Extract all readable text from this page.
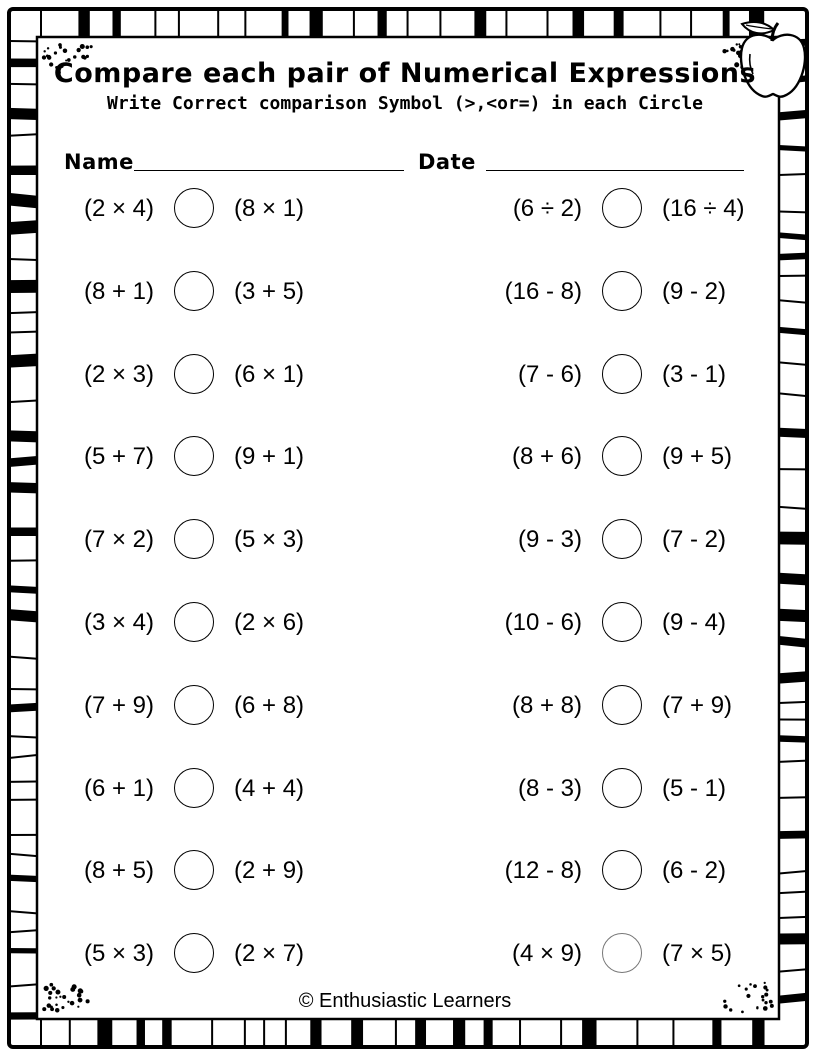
Compare each pair of Numerical Expressions
Write Correct comparison Symbol (>,<or=) in each Circle
Name	Date
(2 × 4)	(8 × 1)
(8 + 1)	(3 + 5)
(2 × 3)	(6 × 1)
(5 + 7)	(9 + 1)
(7 × 2)	(5 × 3)
(3 × 4)	(2 × 6)
(7 + 9)	(6 + 8)
(6 + 1)	(4 + 4)
(8 + 5)	(2 + 9)
(5 × 3)	(2 × 7)
(6 ÷ 2)	(16 ÷ 4)
(16 - 8)	(9 - 2)
(7 - 6)	(3 - 1)
(8 + 6)	(9 + 5)
(9 - 3)	(7 - 2)
(10 - 6)	(9 - 4)
(8 + 8)	(7 + 9)
(8 - 3)	(5 - 1)
(12 - 8)	(6 - 2)
(4 × 9)	(7 × 5)
© Enthusiastic Learners
